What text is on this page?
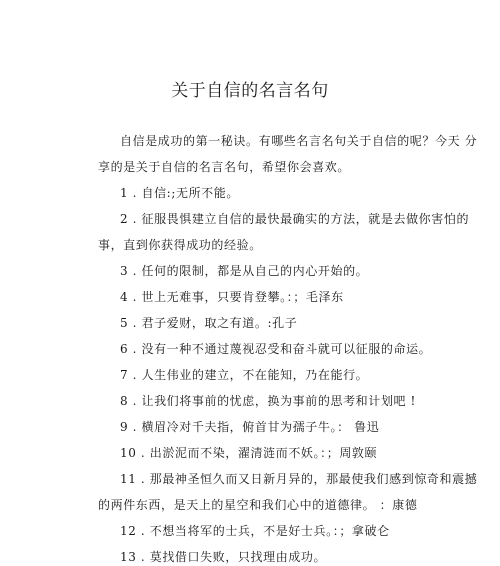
关于自信的名言名句
自信是成功的第一秘诀。有哪些名言名句关于自信的呢？今天 分
享的是关于自信的名言名句，希望你会喜欢。
1 . 自信:;无所不能。
2 . 征服畏惧建立自信的最快最确实的方法，就是去做你害怕的
事，直到你获得成功的经验。
3 . 任何的限制，都是从自己的内心开始的。
4 . 世上无难事，只要肯登攀。：；毛泽东
5 . 君子爱财，取之有道。:孔子
6 . 没有一种不通过蔑视忍受和奋斗就可以征服的命运。
7 . 人生伟业的建立，不在能知，乃在能行。
8 . 让我们将事前的忧虑，换为事前的思考和计划吧 !
9 . 横眉冷对千夫指，俯首甘为孺子牛。： 鲁迅
10 . 出淤泥而不染，濯清涟而不妖。：；周敦颐
11 . 那最神圣恒久而又日新月异的，那最使我们感到惊奇和震撼
的两件东西，是天上的星空和我们心中的道德律。 ：康德
12 . 不想当将军的士兵，不是好士兵。：；拿破仑
13 . 莫找借口失败，只找理由成功。
